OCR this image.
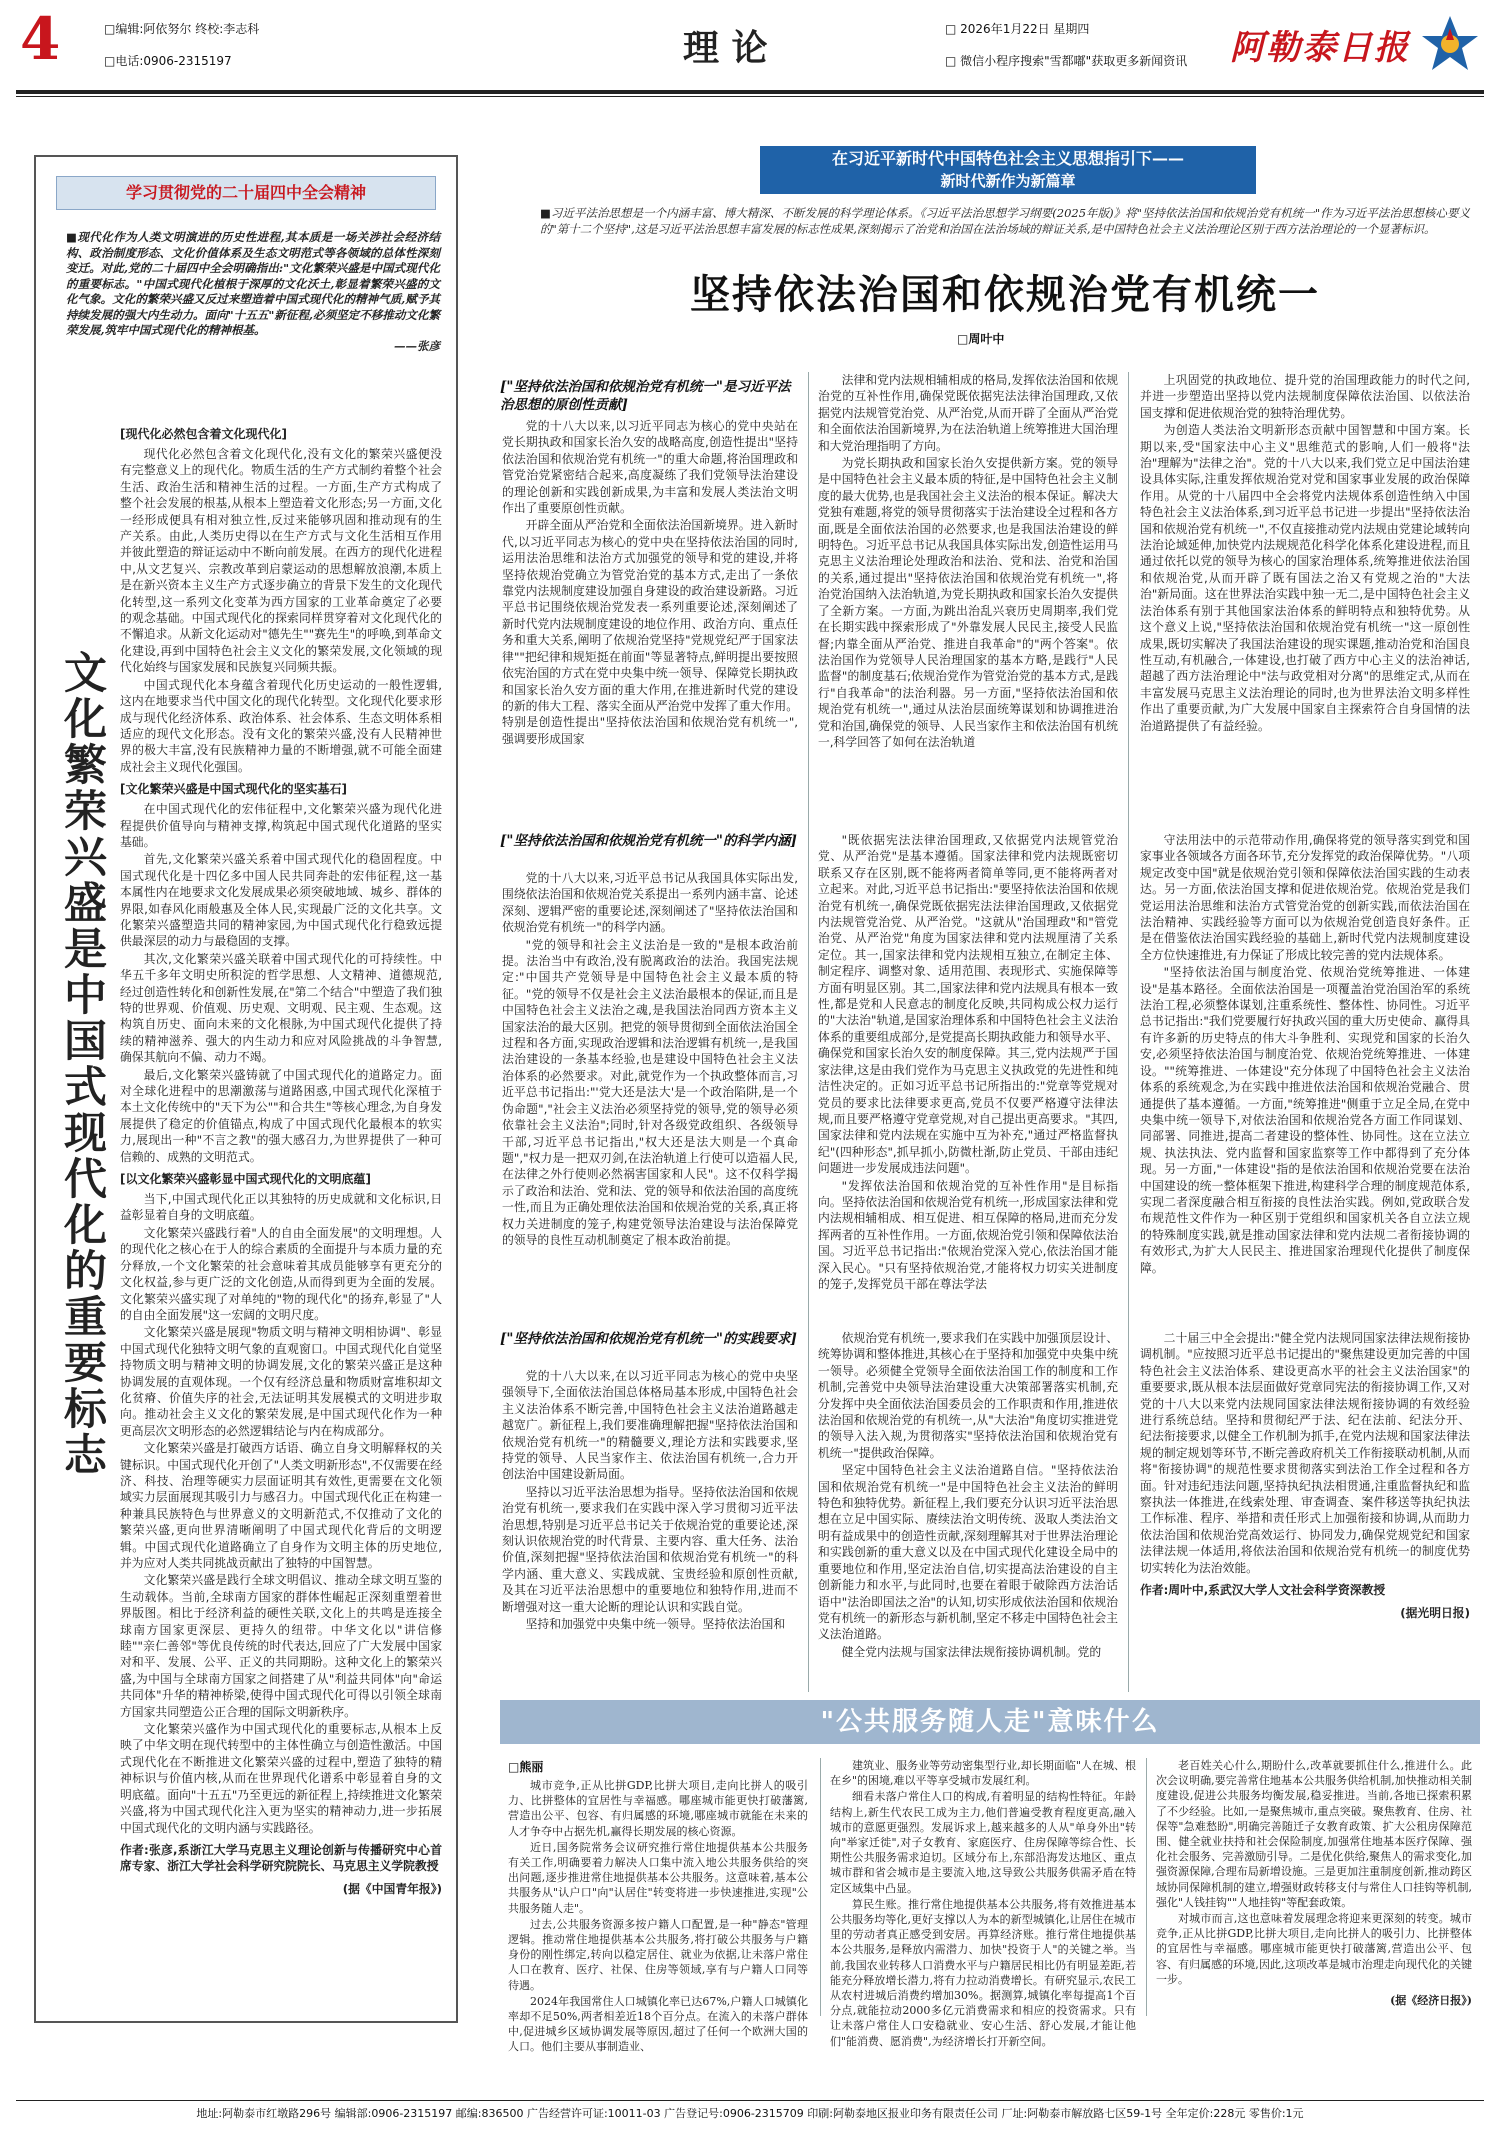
4	□编辑:阿依努尔 终校:李志科
□电话:0906-2315197	理 论	□ 2026年1月22日 星期四
□ 微信小程序搜索"雪都嘟"获取更多新闻资讯 阿勒泰日报
学习贯彻党的二十届四中全会精神
■现代化作为人类文明演进的历史性进程,其本质是一场关涉社会经济结构、政治制度形态、文化价值体系及生态文明范式等各领域的总体性深刻变迁。对此,党的二十届四中全会明确指出:"文化繁荣兴盛是中国式现代化的重要标志。"中国式现代化植根于深厚的文化沃土,彰显着繁荣兴盛的文化气象。文化的繁荣兴盛又反过来塑造着中国式现代化的精神气质,赋予其持续发展的强大内生动力。面向"十五五"新征程,必须坚定不移推动文化繁荣发展,筑牢中国式现代化的精神根基。
——张彦
文化繁荣兴盛是中国式现代化的重要标志
[现代化必然包含着文化现代化]

现代化必然包含着文化现代化,没有文化的繁荣兴盛便没有完整意义上的现代化。物质生活的生产方式制约着整个社会生活、政治生活和精神生活的过程。一方面,生产方式构成了整个社会发展的根基,从根本上塑造着文化形态;另一方面,文化一经形成便具有相对独立性,反过来能够巩固和推动现有的生产关系。由此,人类历史得以在生产方式与文化生活相互作用并彼此塑造的辩证运动中不断向前发展。在西方的现代化进程中,从文艺复兴、宗教改革到启蒙运动的思想解放浪潮,本质上是在新兴资本主义生产方式逐步确立的背景下发生的文化现代化转型,这一系列文化变革为西方国家的工业革命奠定了必要的观念基础。中国式现代化的探索同样贯穿着对文化现代化的不懈追求。从新文化运动对"德先生""赛先生"的呼唤,到革命文化建设,再到中国特色社会主义文化的繁荣发展,文化领域的现代化始终与国家发展和民族复兴同频共振。

中国式现代化本身蕴含着现代化历史运动的一般性逻辑,这内在地要求当代中国文化的现代化转型。文化现代化要求形成与现代化经济体系、政治体系、社会体系、生态文明体系相适应的现代文化形态。没有文化的繁荣兴盛,没有人民精神世界的极大丰富,没有民族精神力量的不断增强,就不可能全面建成社会主义现代化强国。

[文化繁荣兴盛是中国式现代化的坚实基石]

在中国式现代化的宏伟征程中,文化繁荣兴盛为现代化进程提供价值导向与精神支撑,构筑起中国式现代化道路的坚实基础。

首先,文化繁荣兴盛关系着中国式现代化的稳固程度。中国式现代化是十四亿多中国人民共同奔赴的宏伟征程,这一基本属性内在地要求文化发展成果必须突破地域、城乡、群体的界限,如春风化雨般惠及全体人民,实现最广泛的文化共享。文化繁荣兴盛塑造共同的精神家园,为中国式现代化行稳致远提供最深层的动力与最稳固的支撑。

其次,文化繁荣兴盛关联着中国式现代化的可持续性。中华五千多年文明史所积淀的哲学思想、人文精神、道德规范,经过创造性转化和创新性发展,在"第二个结合"中塑造了我们独特的世界观、价值观、历史观、文明观、民主观、生态观。这构筑自历史、面向未来的文化根脉,为中国式现代化提供了持续的精神滋养、强大的内生动力和应对风险挑战的斗争智慧,确保其航向不偏、动力不竭。

最后,文化繁荣兴盛铸就了中国式现代化的道路定力。面对全球化进程中的思潮激荡与道路困惑,中国式现代化深植于本土文化传统中的"天下为公""和合共生"等核心理念,为自身发展提供了稳定的价值锚点,构成了中国式现代化最根本的软实力,展现出一种"不言之教"的强大感召力,为世界提供了一种可信赖的、成熟的文明范式。

[以文化繁荣兴盛彰显中国式现代化的文明底蕴]

当下,中国式现代化正以其独特的历史成就和文化标识,日益彰显着自身的文明底蕴。

文化繁荣兴盛践行着"人的自由全面发展"的文明理想。人的现代化之核心在于人的综合素质的全面提升与本质力量的充分释放,一个文化繁荣的社会意味着其成员能够享有更充分的文化权益,参与更广泛的文化创造,从而得到更为全面的发展。文化繁荣兴盛实现了对单纯的"物的现代化"的扬弃,彰显了"人的自由全面发展"这一宏阔的文明尺度。

文化繁荣兴盛是展现"物质文明与精神文明相协调"、彰显中国式现代化独特文明气象的直观窗口。中国式现代化自觉坚持物质文明与精神文明的协调发展,文化的繁荣兴盛正是这种协调发展的直观体现。一个仅有经济总量和物质财富堆积却文化贫瘠、价值失序的社会,无法证明其发展模式的文明进步取向。推动社会主义文化的繁荣发展,是中国式现代化作为一种更高层次文明形态的必然逻辑结论与内在构成部分。

文化繁荣兴盛是打破西方话语、确立自身文明解释权的关键标识。中国式现代化开创了"人类文明新形态",不仅需要在经济、科技、治理等硬实力层面证明其有效性,更需要在文化领域实力层面展现其吸引力与感召力。中国式现代化正在构建一种兼具民族特色与世界意义的文明新范式,不仅推动了文化的繁荣兴盛,更向世界清晰阐明了中国式现代化背后的文明逻辑。中国式现代化道路确立了自身作为文明主体的历史地位,并为应对人类共同挑战贡献出了独特的中国智慧。

文化繁荣兴盛是践行全球文明倡议、推动全球文明互鉴的生动载体。当前,全球南方国家的群体性崛起正深刻重塑着世界版图。相比于经济利益的硬性关联,文化上的共鸣是连接全球南方国家更深层、更持久的纽带。中华文化以"讲信修睦""亲仁善邻"等优良传统的时代表达,回应了广大发展中国家对和平、发展、公平、正义的共同期盼。这种文化上的繁荣兴盛,为中国与全球南方国家之间搭建了从"利益共同体"向"命运共同体"升华的精神桥梁,使得中国式现代化可得以引领全球南方国家共同塑造公正合理的国际文明新秩序。

文化繁荣兴盛作为中国式现代化的重要标志,从根本上反映了中华文明在现代转型中的主体性确立与创造性激活。中国式现代化在不断推进文化繁荣兴盛的过程中,塑造了独特的精神标识与价值内核,从而在世界现代化谱系中彰显着自身的文明底蕴。面向"十五五"乃至更远的新征程上,持续推进文化繁荣兴盛,将为中国式现代化注入更为坚实的精神动力,进一步拓展中国式现代化的文明内涵与实践路径。

作者:张彦,系浙江大学马克思主义理论创新与传播研究中心首席专家、浙江大学社会科学研究院院长、马克思主义学院教授
(据《中国青年报》)
在习近平新时代中国特色社会主义思想指引下——
新时代新作为新篇章
■习近平法治思想是一个内涵丰富、博大精深、不断发展的科学理论体系。《习近平法治思想学习纲要(2025年版)》将"坚持依法治国和依规治党有机统一"作为习近平法治思想核心要义的"第十二个坚持",这是习近平法治思想丰富发展的标志性成果,深刻揭示了治党和治国在法治场域的辩证关系,是中国特色社会主义法治理论区别于西方法治理论的一个显著标识。
坚持依法治国和依规治党有机统一
□周叶中
["坚持依法治国和依规治党有机统一"是习近平法治思想的原创性贡献]

党的十八大以来,以习近平同志为核心的党中央站在党长期执政和国家长治久安的战略高度,创造性提出"坚持依法治国和依规治党有机统一"的重大命题,将治国理政和管党治党紧密结合起来,高度凝练了我们党领导法治建设的理论创新和实践创新成果,为丰富和发展人类法治文明作出了重要原创性贡献。

开辟全面从严治党和全面依法治国新境界。进入新时代,以习近平同志为核心的党中央在坚持依法治国的同时,运用法治思维和法治方式加强党的领导和党的建设,并将坚持依规治党确立为管党治党的基本方式,走出了一条依靠党内法规制度建设加强自身建设的政治建设新路。习近平总书记围绕依规治党发表一系列重要论述,深刻阐述了新时代党内法规制度建设的地位作用、政治方向、重点任务和重大关系,阐明了依规治党坚持"党规党纪严于国家法律""把纪律和规矩挺在前面"等显著特点,鲜明提出要按照依宪治国的方式在党中央集中统一领导、保障党长期执政和国家长治久安方面的重大作用,在推进新时代党的建设的新的伟大工程、落实全面从严治党中发挥了重大作用。特别是创造性提出"坚持依法治国和依规治党有机统一",强调要形成国家

法律和党内法规相辅相成的格局,发挥依法治国和依规治党的互补性作用,确保党既依据宪法法律治国理政,又依据党内法规管党治党、从严治党,从而开辟了全面从严治党和全面依法治国新境界,为在法治轨道上统筹推进大国治理和大党治理指明了方向。

为党长期执政和国家长治久安提供新方案。党的领导是中国特色社会主义最本质的特征,是中国特色社会主义制度的最大优势,也是我国社会主义法治的根本保证。解决大党独有难题,将党的领导贯彻落实于法治建设全过程和各方面,既是全面依法治国的必然要求,也是我国法治建设的鲜明特色。习近平总书记从我国具体实际出发,创造性运用马克思主义法治理论处理政治和法治、党和法、治党和治国的关系,通过提出"坚持依法治国和依规治党有机统一",将治党治国纳入法治轨道,为党长期执政和国家长治久安提供了全新方案。一方面,为跳出治乱兴衰历史周期率,我们党在长期实践中探索形成了"外靠发展人民民主,接受人民监督;内靠全面从严治党、推进自我革命"的"两个答案"。依法治国作为党领导人民治理国家的基本方略,是践行"人民监督"的制度基石;依规治党作为管党治党的基本方式,是践行"自我革命"的法治利器。另一方面,"坚持依法治国和依规治党有机统一",通过从法治层面统筹谋划和协调推进治党和治国,确保党的领导、人民当家作主和依法治国有机统一,科学回答了如何在法治轨道

上巩固党的执政地位、提升党的治国理政能力的时代之问,并进一步塑造出坚持以党内法规制度保障依法治国、以依法治国支撑和促进依规治党的独特治理优势。

为创造人类法治文明新形态贡献中国智慧和中国方案。长期以来,受"国家法中心主义"思维范式的影响,人们一般将"法治"理解为"法律之治"。党的十八大以来,我们党立足中国法治建设具体实际,注重发挥依规治党对党和国家事业发展的政治保障作用。从党的十八届四中全会将党内法规体系创造性纳入中国特色社会主义法治体系,到习近平总书记进一步提出"坚持依法治国和依规治党有机统一",不仅直接推动党内法规由党建论域转向法治论域延伸,加快党内法规规范化科学化体系化建设进程,而且通过依托以党的领导为核心的国家治理体系,统筹推进依法治国和依规治党,从而开辟了既有国法之治又有党规之治的"大法治"新局面。这在世界法治实践中独一无二,是中国特色社会主义法治体系有别于其他国家法治体系的鲜明特点和独特优势。从这个意义上说,"坚持依法治国和依规治党有机统一"这一原创性成果,既切实解决了我国法治建设的现实课题,推动治党和治国良性互动,有机融合,一体建设,也打破了西方中心主义的法治神话,超越了西方法治理论中"法与政党相对分离"的思维定式,从而在丰富发展马克思主义法治理论的同时,也为世界法治文明多样性作出了重要贡献,为广大发展中国家自主探索符合自身国情的法治道路提供了有益经验。

["坚持依法治国和依规治党有机统一"的科学内涵]

党的十八大以来,习近平总书记从我国具体实际出发,围绕依法治国和依规治党关系提出一系列内涵丰富、论述深刻、逻辑严密的重要论述,深刻阐述了"坚持依法治国和依规治党有机统一"的科学内涵。

"党的领导和社会主义法治是一致的"是根本政治前提。法治当中有政治,没有脱离政治的法治。我国宪法规定:"中国共产党领导是中国特色社会主义最本质的特征。"党的领导不仅是社会主义法治最根本的保证,而且是中国特色社会主义法治之魂,是我国法治同西方资本主义国家法治的最大区别。把党的领导贯彻到全面依法治国全过程和各方面,实现政治逻辑和法治逻辑有机统一,是我国法治建设的一条基本经验,也是建设中国特色社会主义法治体系的必然要求。对此,就党作为一个执政整体而言,习近平总书记指出:"'党大还是法大'是一个政治陷阱,是一个伪命题","社会主义法治必须坚持党的领导,党的领导必须依靠社会主义法治";同时,针对各级党政组织、各级领导干部,习近平总书记指出,"权大还是法大则是一个真命题","权力是一把双刃剑,在法治轨道上行使可以造福人民,在法律之外行使则必然祸害国家和人民"。这不仅科学揭示了政治和法治、党和法、党的领导和依法治国的高度统一性,而且为正确处理依法治国和依规治党的关系,真正将权力关进制度的笼子,构建党领导法治建设与法治保障党的领导的良性互动机制奠定了根本政治前提。

"既依据宪法法律治国理政,又依据党内法规管党治党、从严治党"是基本遵循。国家法律和党内法规既密切联系又存在区别,既不能将两者简单等同,更不能将两者对立起来。对此,习近平总书记指出:"要坚持依法治国和依规治党有机统一,确保党既依据宪法法律治国理政,又依据党内法规管党治党、从严治党。"这就从"治国理政"和"管党治党、从严治党"角度为国家法律和党内法规厘清了关系定位。其一,国家法律和党内法规相互独立,在制定主体、制定程序、调整对象、适用范围、表现形式、实施保障等方面有明显区别。其二,国家法律和党内法规具有根本一致性,都是党和人民意志的制度化反映,共同构成公权力运行的"大法治"轨道,是国家治理体系和中国特色社会主义法治体系的重要组成部分,是党提高长期执政能力和领导水平、确保党和国家长治久安的制度保障。其三,党内法规严于国家法律,这是由我们党作为马克思主义执政党的先进性和纯洁性决定的。正如习近平总书记所指出的:"党章等党规对党员的要求比法律要求更高,党员不仅要严格遵守法律法规,而且要严格遵守党章党规,对自己提出更高要求。"其四,国家法律和党内法规在实施中互为补充,"通过严格监督执纪"(四种形态",抓早抓小,防微杜渐,防止党员、干部由违纪问题进一步发展成违法问题"。

"发挥依法治国和依规治党的互补性作用"是目标指向。坚持依法治国和依规治党有机统一,形成国家法律和党内法规相辅相成、相互促进、相互保障的格局,进而充分发挥两者的互补性作用。一方面,依规治党引领和保障依法治国。习近平总书记指出:"依规治党深入党心,依法治国才能深入民心。"只有坚持依规治党,才能将权力切实关进制度的笼子,发挥党员干部在尊法学法

守法用法中的示范带动作用,确保将党的领导落实到党和国家事业各领域各方面各环节,充分发挥党的政治保障优势。"八项规定改变中国"就是依规治党引领和保障依法治国实践的生动表达。另一方面,依法治国支撑和促进依规治党。依规治党是我们党运用法治思维和法治方式管党治党的创新实践,而依法治国在法治精神、实践经验等方面可以为依规治党创造良好条件。正是在借鉴依法治国实践经验的基础上,新时代党内法规制度建设全方位快速推进,有力保证了形成比较完善的党内法规体系。

"坚持依法治国与制度治党、依规治党统筹推进、一体建设"是基本路径。全面依法治国是一项覆盖治党治国治军的系统法治工程,必须整体谋划,注重系统性、整体性、协同性。习近平总书记指出:"我们党要履行好执政兴国的重大历史使命、赢得具有许多新的历史特点的伟大斗争胜利、实现党和国家的长治久安,必须坚持依法治国与制度治党、依规治党统筹推进、一体建设。""统筹推进、一体建设"充分体现了中国特色社会主义法治体系的系统观念,为在实践中推进依法治国和依规治党融合、贯通提供了基本遵循。一方面,"统筹推进"侧重于立足全局,在党中央集中统一领导下,对依法治国和依规治党各方面工作同谋划、同部署、同推进,提高二者建设的整体性、协同性。这在立法立规、执法执法、党内监督和国家监察等工作中都得到了充分体现。另一方面,"一体建设"指的是依法治国和依规治党要在法治中国建设的统一整体框架下推进,构建科学合理的制度规范体系,实现二者深度融合相互衔接的良性法治实践。例如,党政联合发布规范性文件作为一种区别于党组织和国家机关各自立法立规的特殊制度实践,就是推动国家法律和党内法规二者衔接协调的有效形式,为扩大人民民主、推进国家治理现代化提供了制度保障。

["坚持依法治国和依规治党有机统一"的实践要求]

党的十八大以来,在以习近平同志为核心的党中央坚强领导下,全面依法治国总体格局基本形成,中国特色社会主义法治体系不断完善,中国特色社会主义法治道路越走越宽广。新征程上,我们要准确理解把握"坚持依法治国和依规治党有机统一"的精髓要义,理论方法和实践要求,坚持党的领导、人民当家作主、依法治国有机统一,合力开创法治中国建设新局面。

坚持以习近平法治思想为指导。坚持依法治国和依规治党有机统一,要求我们在实践中深入学习贯彻习近平法治思想,特别是习近平总书记关于依规治党的重要论述,深刻认识依规治党的时代背景、主要内容、重大任务、法治价值,深刻把握"坚持依法治国和依规治党有机统一"的科学内涵、重大意义、实践成就、宝贵经验和原创性贡献,及其在习近平法治思想中的重要地位和独特作用,进而不断增强对这一重大论断的理论认识和实践自觉。

坚持和加强党中央集中统一领导。坚持依法治国和

依规治党有机统一,要求我们在实践中加强顶层设计、统筹协调和整体推进,其核心在于坚持和加强党中央集中统一领导。必须健全党领导全面依法治国工作的制度和工作机制,完善党中央领导法治建设重大决策部署落实机制,充分发挥中央全面依法治国委员会的工作职责和作用,推进依法治国和依规治党的有机统一,从"大法治"角度切实推进党的领导入法入规,为贯彻落实"坚持依法治国和依规治党有机统一"提供政治保障。

坚定中国特色社会主义法治道路自信。"坚持依法治国和依规治党有机统一"是中国特色社会主义法治的鲜明特色和独特优势。新征程上,我们要充分认识习近平法治思想在立足中国实际、赓续法治文明传统、汲取人类法治文明有益成果中的创造性贡献,深刻理解其对于世界法治理论和实践创新的重大意义以及在中国式现代化建设全局中的重要地位和作用,坚定法治自信,切实提高法治建设的自主创新能力和水平,与此同时,也要在着眼于破除西方法治话语中"法治即国法之治"的认知,切实形成依法治国和依规治党有机统一的新形态与新机制,坚定不移走中国特色社会主义法治道路。

健全党内法规与国家法律法规衔接协调机制。党的

二十届三中全会提出:"健全党内法规同国家法律法规衔接协调机制。"应按照习近平总书记提出的"聚焦建设更加完善的中国特色社会主义法治体系、建设更高水平的社会主义法治国家"的重要要求,既从根本法层面做好党章同宪法的衔接协调工作,又对党的十八大以来党内法规同国家法律法规衔接协调的有效经验进行系统总结。坚持和贯彻纪严于法、纪在法前、纪法分开、纪法衔接要求,以健全工作机制为抓手,在党内法规和国家法律法规的制定规划等环节,不断完善政府机关工作衔接联动机制,从而将"衔接协调"的规范性要求贯彻落实到法治工作全过程和各方面。针对违纪违法问题,坚持执纪执法相贯通,注重监督执纪和监察执法一体推进,在线索处理、审查调查、案件移送等执纪执法工作标准、程序、举措和责任形式上加强衔接和协调,从而助力依法治国和依规治党高效运行、协同发力,确保党规党纪和国家法律法规一体适用,将依法治国和依规治党有机统一的制度优势切实转化为法治效能。

作者:周叶中,系武汉大学人文社会科学资深教授
(据光明日报)
"公共服务随人走"意味什么
□熊丽

城市竞争,正从比拼GDP,比拼大项目,走向比拼人的吸引力、比拼整体的宜居性与幸福感。哪座城市能更快打破藩篱,营造出公平、包容、有归属感的环境,哪座城市就能在未来的人才争夺中占据先机,赢得长期发展的核心资源。

近日,国务院常务会议研究推行常住地提供基本公共服务有关工作,明确要着力解决人口集中流入地公共服务供给的突出问题,逐步推进常住地提供基本公共服务。这意味着,基本公共服务从"认户口"向"认居住"转变将进一步快速推进,实现"公共服务随人走"。

过去,公共服务资源多按户籍人口配置,是一种"静态"管理逻辑。推动常住地提供基本公共服务,将打破公共服务与户籍身份的刚性绑定,转向以稳定居住、就业为依据,让未落户常住人口在教育、医疗、社保、住房等领域,享有与户籍人口同等待遇。

2024年我国常住人口城镇化率已达67%,户籍人口城镇化率却不足50%,两者相差近18个百分点。在流入的未落户群体中,促进城乡区域协调发展等原因,超过了任何一个欧洲大国的人口。他们主要从事制造业、

建筑业、服务业等劳动密集型行业,却长期面临"人在城、根在乡"的困境,难以平等享受城市发展红利。

细看未落户常住人口的构成,有着明显的结构性特征。年龄结构上,新生代农民工成为主力,他们普遍受教育程度更高,融入城市的意愿更强烈。发展诉求上,越来越多的人从"单身外出"转向"举家迁徙",对子女教育、家庭医疗、住房保障等综合性、长期性公共服务需求迫切。区域分布上,东部沿海发达地区、重点城市群和省会城市是主要流入地,这导致公共服务供需矛盾在特定区域集中凸显。

算民生账。推行常住地提供基本公共服务,将有效推进基本公共服务均等化,更好支撑以人为本的新型城镇化,让居住在城市里的劳动者真正感受到安居。再算经济账。推行常住地提供基本公共服务,是释放内需潜力、加快"投资于人"的关键之举。当前,我国农业转移人口消费水平与户籍居民相比仍有明显差距,若能充分释放增长潜力,将有力拉动消费增长。有研究显示,农民工从农村进城后消费约增加30%。据测算,城镇化率每提高1个百分点,就能拉动2000多亿元消费需求和相应的投资需求。只有让未落户常住人口安稳就业、安心生活、舒心发展,才能让他们"能消费、愿消费",为经济增长打开新空间。

老百姓关心什么,期盼什么,改革就要抓住什么,推进什么。此次会议明确,要完善常住地基本公共服务供给机制,加快推动相关制度建设,促进公共服务均衡发展,稳妥推进。当前,各地已探索积累了不少经验。比如,一是聚焦城市,重点突破。聚焦教育、住房、社保等"急难愁盼",明确完善随迁子女教育政策、扩大公租房保障范围、健全就业扶持和社会保险制度,加强常住地基本医疗保障、强化社会服务、完善激励引导。二是优化供给,聚焦人的需求变化,加强资源保障,合理布局新增设施。三是更加注重制度创新,推动跨区域协同保障机制的建立,增强财政转移支付与常住人口挂钩等机制,强化"人钱挂钩""人地挂钩"等配套政策。

对城市而言,这也意味着发展理念将迎来更深刻的转变。城市竞争,正从比拼GDP,比拼大项目,走向比拼人的吸引力、比拼整体的宜居性与幸福感。哪座城市能更快打破藩篱,营造出公平、包容、有归属感的环境,因此,这项改革是城市治理走向现代化的关键一步。

(据《经济日报》)
地址:阿勒泰市红墩路296号 编辑部:0906-2315197 邮编:836500 广告经营许可证:10011-03 广告登记号:0906-2315709 印刷:阿勒泰地区报业印务有限责任公司 厂址:阿勒泰市解放路七区59-1号 全年定价:228元 零售价:1元
